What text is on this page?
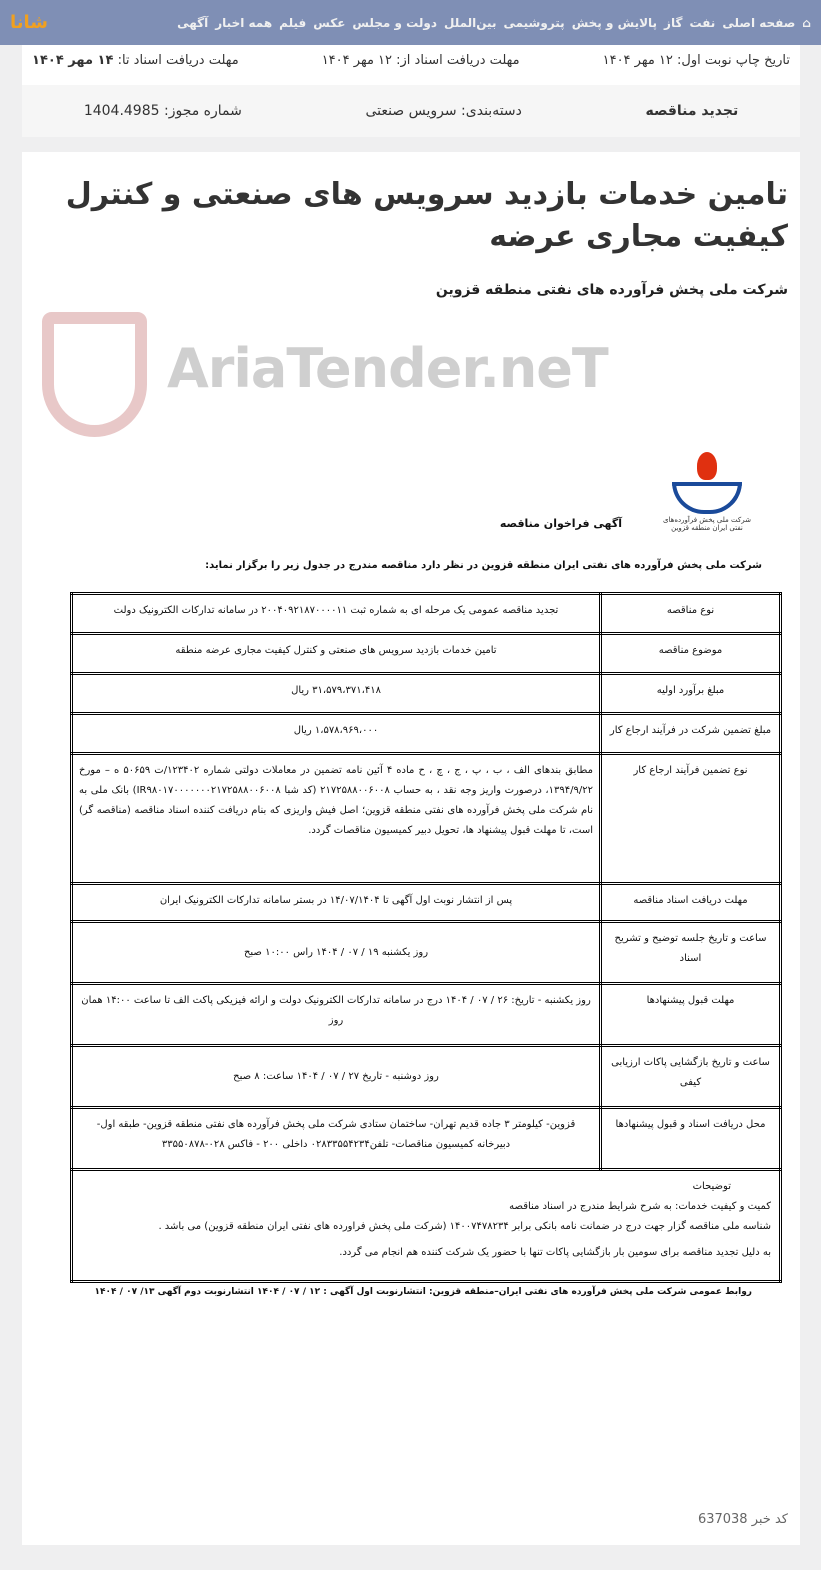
⌂
صفحه اصلی
نفت
گاز
پالایش و پخش
پتروشیمی
بین‌الملل
دولت و مجلس
عکس
فیلم
همه اخبار
آگهی
شانا
تاریخ چاپ نوبت اول: ۱۲ مهر ۱۴۰۴
مهلت دریافت اسناد از: ۱۲ مهر ۱۴۰۴
مهلت دریافت اسناد تا: ۱۴ مهر ۱۴۰۴
تجدید مناقصه
دسته‌بندی: سرویس صنعتی
شماره مجوز: 1404.4985
تامین خدمات بازدید سرویس های صنعتی و کنترل کیفیت مجاری عرضه
شرکت ملی پخش فرآورده های نفتی منطقه قزوین
AriaTender.neT
شرکت ملی پخش فرآورده‌های نفتی ایران منطقه قزوین
آگهی فراخوان مناقصه
شرکت ملی پخش فرآورده های نفتی ایران منطقه قزوین در نظر دارد مناقصه مندرج در جدول زیر را برگزار نماید:
نوع مناقصه	تجدید مناقصه عمومی یک مرحله ای به شماره ثبت ۲۰۰۴۰۹۲۱۸۷۰۰۰۰۱۱ در سامانه تدارکات الکترونیک دولت
موضوع مناقصه	تامین خدمات بازدید سرویس های صنعتی و کنترل کیفیت مجاری عرضه منطقه
مبلغ برآورد اولیه	۳۱،۵۷۹،۳۷۱،۴۱۸ ریال
مبلغ تضمین شرکت در فرآیند ارجاع کار	۱،۵۷۸،۹۶۹،۰۰۰ ریال
نوع تضمین فرآیند ارجاع کار	مطابق بندهای الف ، ب ، پ ، ج ، چ ، ح ماده ۴ آئین نامه تضمین در معاملات دولتی شماره ۱۲۳۴۰۲/ت ۵۰۶۵۹ ه – مورخ ۱۳۹۴/۹/۲۲، درصورت واریز وجه نقد ، به حساب ۲۱۷۲۵۸۸۰۰۶۰۰۸ (کد شبا IR۹۸۰۱۷۰۰۰۰۰۰۰۲۱۷۲۵۸۸۰۰۶۰۰۸) بانک ملی به نام شرکت ملی پخش فرآورده های نفتی منطقه قزوین؛ اصل فیش واریزی که بنام دریافت کننده اسناد مناقصه (مناقصه گر) است، تا مهلت قبول پیشنهاد ها، تحویل دبیر کمیسیون مناقصات گردد.
مهلت دریافت اسناد مناقصه	پس از انتشار نوبت اول آگهی تا ۱۴/۰۷/۱۴۰۴ در بستر سامانه تدارکات الکترونیک ایران
ساعت و تاریخ جلسه توضیح و تشریح اسناد	روز یکشنبه ۱۹ / ۰۷ / ۱۴۰۴ راس ۱۰:۰۰ صبح
مهلت قبول پیشنهادها	روز یکشنبه - تاریخ: ۲۶ / ۰۷ / ۱۴۰۴ درج در سامانه تدارکات الکترونیک دولت و ارائه فیزیکی پاکت الف تا ساعت ۱۴:۰۰ همان روز
ساعت و تاریخ بازگشایی پاکات ارزیابی کیفی	روز دوشنبه - تاریخ ۲۷ / ۰۷ / ۱۴۰۴ ساعت: ۸ صبح
محل دریافت اسناد و قبول پیشنهادها	قزوین- کیلومتر ۳ جاده قدیم تهران- ساختمان ستادی شرکت ملی پخش فرآورده های نفتی منطقه قزوین- طبقه اول- دبیرخانه کمیسیون مناقصات- تلفن۰۲۸۳۳۵۵۴۲۳۴ داخلی ۲۰۰ - فاکس ۰۲۸-۳۳۵۵۰۸۷۸

توضیحات
کمیت و کیفیت خدمات: به شرح شرایط مندرج در اسناد مناقصه
شناسه ملی مناقصه گزار جهت درج در ضمانت نامه بانکی برابر ۱۴۰۰۷۴۷۸۲۳۴ (شرکت ملی پخش فراورده های نفتی ایران منطقه قزوین) می باشد .
به دلیل تجدید مناقصه برای سومین بار بازگشایی پاکات تنها با حضور یک شرکت کننده هم انجام می گردد.	
روابط عمومی شرکت ملی پخش فرآورده های نفتی ایران–منطقه قزوین: انتشارنوبت اول آگهی : ۱۲ / ۰۷ / ۱۴۰۴ انتشارنوبت دوم آگهی ۱۳/ ۰۷ / ۱۴۰۴
کد خبر 637038
